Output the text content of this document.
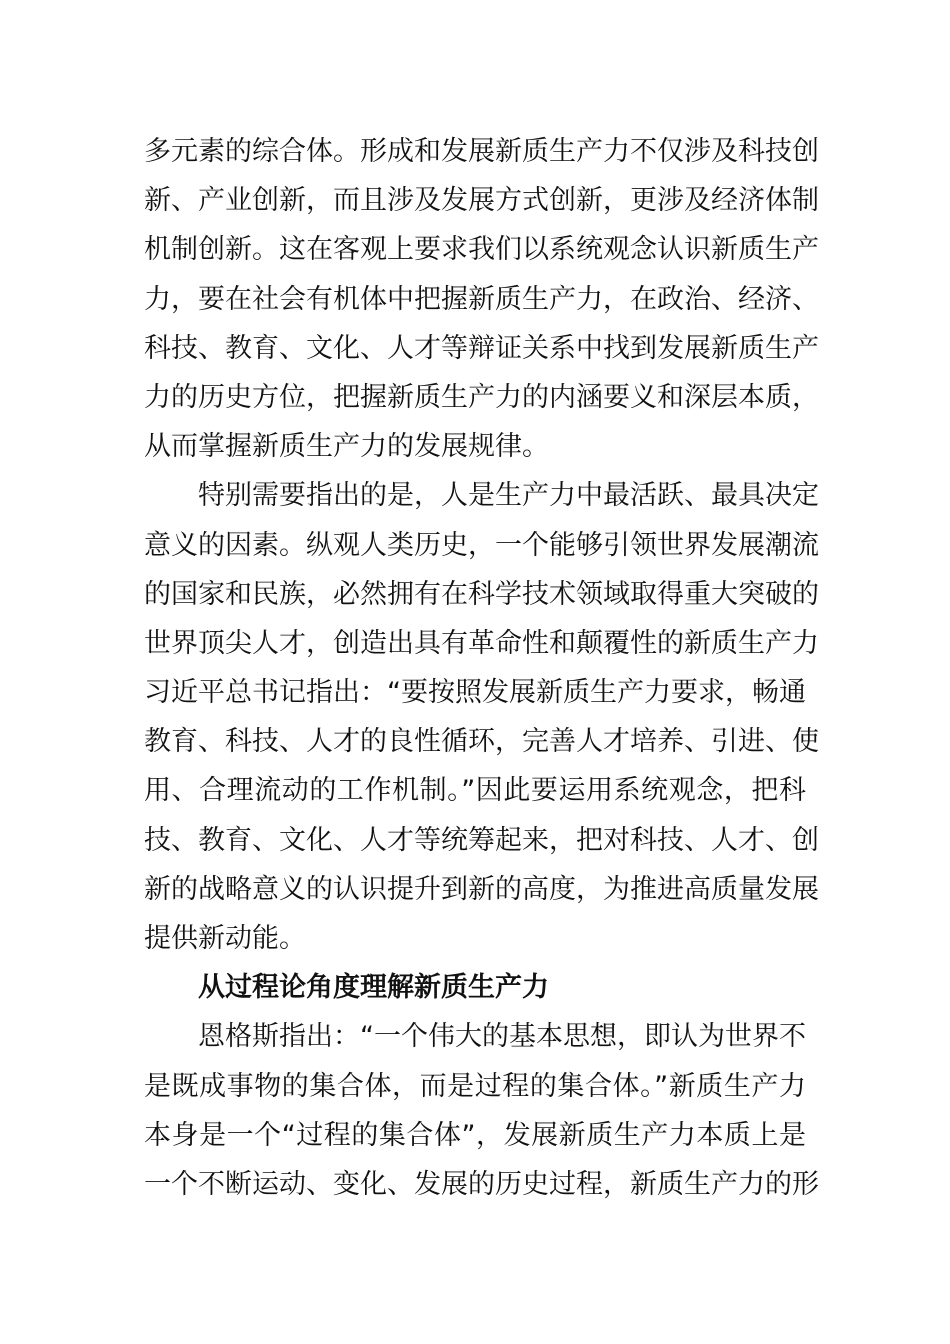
多元素的综合体。形成和发展新质生产力不仅涉及科技创
新、产业创新，而且涉及发展方式创新，更涉及经济体制
机制创新。这在客观上要求我们以系统观念认识新质生产
力，要在社会有机体中把握新质生产力，在政治、经济、
科技、教育、文化、人才等辩证关系中找到发展新质生产
力的历史方位，把握新质生产力的内涵要义和深层本质，
从而掌握新质生产力的发展规律。
特别需要指出的是，人是生产力中最活跃、最具决定
意义的因素。纵观人类历史，一个能够引领世界发展潮流
的国家和民族，必然拥有在科学技术领域取得重大突破的
世界顶尖人才，创造出具有革命性和颠覆性的新质生产力
习近平总书记指出：“要按照发展新质生产力要求，畅通
教育、科技、人才的良性循环，完善人才培养、引进、使
用、合理流动的工作机制。”因此要运用系统观念，把科
技、教育、文化、人才等统筹起来，把对科技、人才、创
新的战略意义的认识提升到新的高度，为推进高质量发展
提供新动能。
从过程论角度理解新质生产力
恩格斯指出：“一个伟大的基本思想，即认为世界不
是既成事物的集合体，而是过程的集合体。”新质生产力
本身是一个“过程的集合体”，发展新质生产力本质上是
一个不断运动、变化、发展的历史过程，新质生产力的形
